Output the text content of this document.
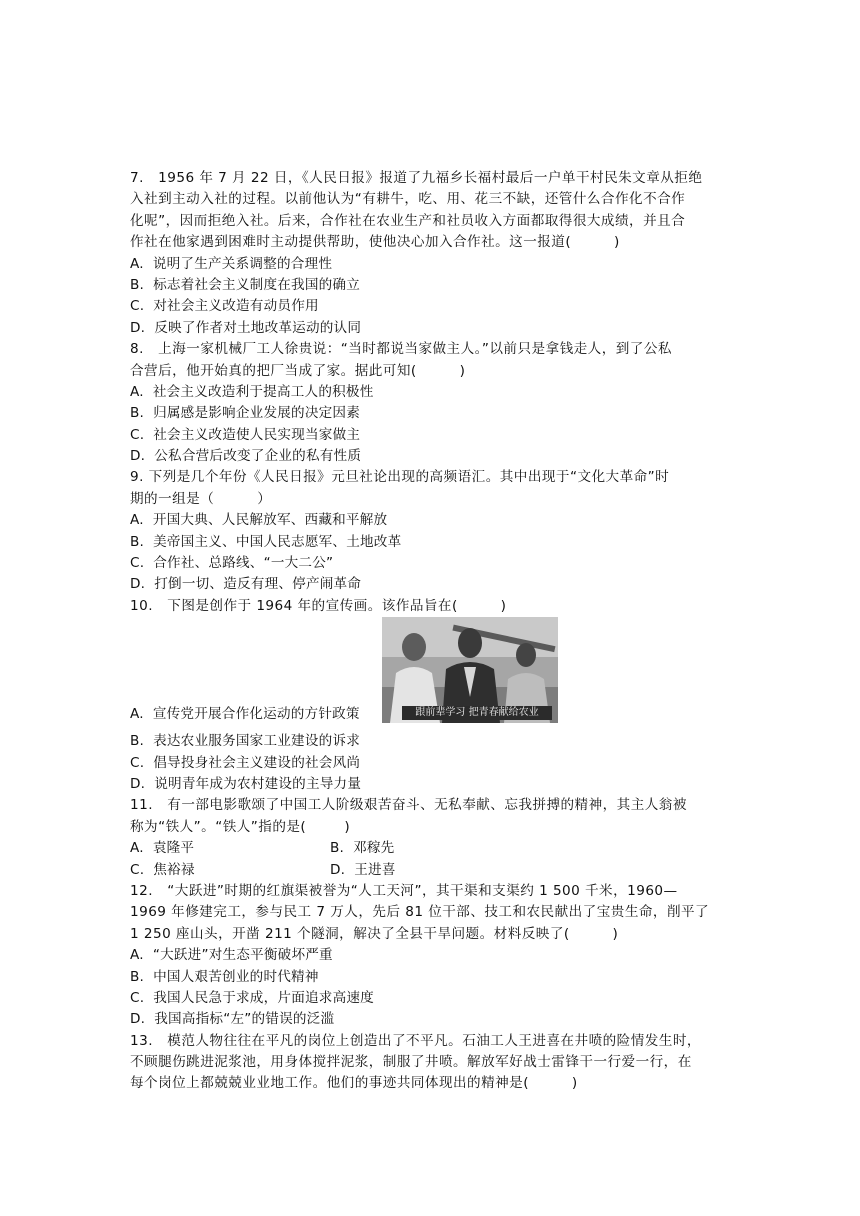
7.   1956 年 7 月 22 日，《人民日报》报道了九福乡长福村最后一户单干村民朱文章从拒绝
入社到主动入社的过程。以前他认为“有耕牛，吃、用、花三不缺，还管什么合作化不合作
化呢”，因而拒绝入社。后来，合作社在农业生产和社员收入方面都取得很大成绩，并且合
作社在他家遇到困难时主动提供帮助，使他决心加入合作社。这一报道(         )
A.  说明了生产关系调整的合理性
B.  标志着社会主义制度在我国的确立
C.  对社会主义改造有动员作用
D.  反映了作者对土地改革运动的认同
8.   上海一家机械厂工人徐贵说：“当时都说当家做主人。”以前只是拿钱走人，到了公私
合营后，他开始真的把厂当成了家。据此可知(         )
A.  社会主义改造利于提高工人的积极性
B.  归属感是影响企业发展的决定因素
C.  社会主义改造使人民实现当家做主
D.  公私合营后改变了企业的私有性质
9. 下列是几个年份《人民日报》元旦社论出现的高频语汇。其中出现于“文化大革命”时
期的一组是（         ）
A.  开国大典、人民解放军、西藏和平解放
B.  美帝国主义、中国人民志愿军、土地改革
C.  合作社、总路线、“一大二公”
D.  打倒一切、造反有理、停产闹革命
10.   下图是创作于 1964 年的宣传画。该作品旨在(         )
A.  宣传党开展合作化运动的方针政策	跟前辈学习 把青春献给农业
B.  表达农业服务国家工业建设的诉求
C.  倡导投身社会主义建设的社会风尚
D.  说明青年成为农村建设的主导力量
11.   有一部电影歌颂了中国工人阶级艰苦奋斗、无私奉献、忘我拼搏的精神，其主人翁被
称为“铁人”。“铁人”指的是(        )
A.  袁隆平	B.  邓稼先
C.  焦裕禄	D.  王进喜
12.   “大跃进”时期的红旗渠被誉为“人工天河”，其干渠和支渠约 1 500 千米，1960—
1969 年修建完工，参与民工 7 万人，先后 81 位干部、技工和农民献出了宝贵生命，削平了
1 250 座山头，开凿 211 个隧洞，解决了全县干旱问题。材料反映了(         )
A.  “大跃进”对生态平衡破坏严重
B.  中国人艰苦创业的时代精神
C.  我国人民急于求成，片面追求高速度
D.  我国高指标“左”的错误的泛滥
13.   模范人物往往在平凡的岗位上创造出了不平凡。石油工人王进喜在井喷的险情发生时，
不顾腿伤跳进泥浆池，用身体搅拌泥浆，制服了井喷。解放军好战士雷锋干一行爱一行，在
每个岗位上都兢兢业业地工作。他们的事迹共同体现出的精神是(         )
